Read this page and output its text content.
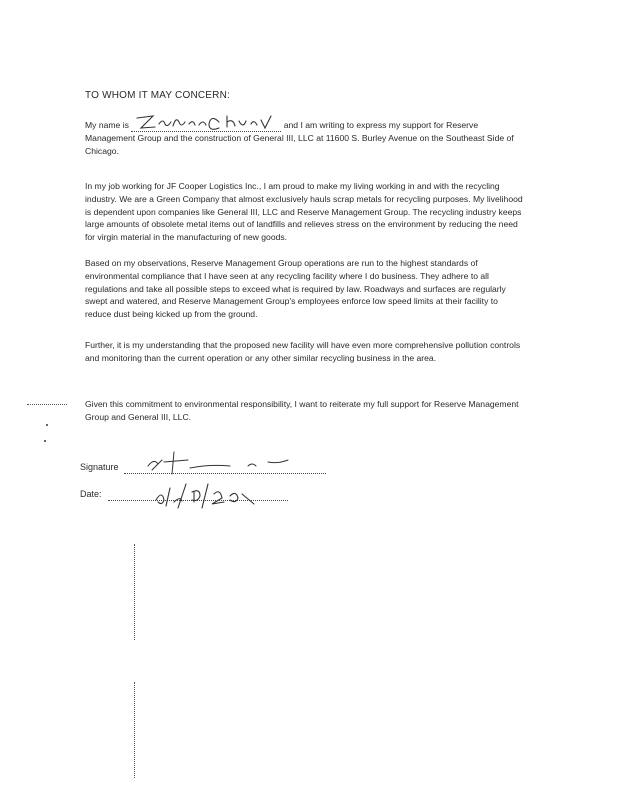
TO WHOM IT MAY CONCERN:
My name is	and I am writing to express my support for Reserve Management Group and the construction of General III, LLC at 11600 S. Burley Avenue on the Southeast Side of Chicago.
In my job working for JF Cooper Logistics Inc., I am proud to make my living working in and with the recycling industry. We are a Green Company that almost exclusively hauls scrap metals for recycling purposes. My livelihood is dependent upon companies like General III, LLC and Reserve Management Group. The recycling industry keeps large amounts of obsolete metal items out of landfills and relieves stress on the environment by reducing the need for virgin material in the manufacturing of new goods.
Based on my observations, Reserve Management Group operations are run to the highest standards of environmental compliance that I have seen at any recycling facility where I do business. They adhere to all regulations and take all possible steps to exceed what is required by law. Roadways and surfaces are regularly swept and watered, and Reserve Management Group's employees enforce low speed limits at their facility to reduce dust being kicked up from the ground.
Further, it is my understanding that the proposed new facility will have even more comprehensive pollution controls and monitoring than the current operation or any other similar recycling business in the area.
Given this commitment to environmental responsibility, I want to reiterate my full support for Reserve Management Group and General III, LLC.
Signature
Date:
